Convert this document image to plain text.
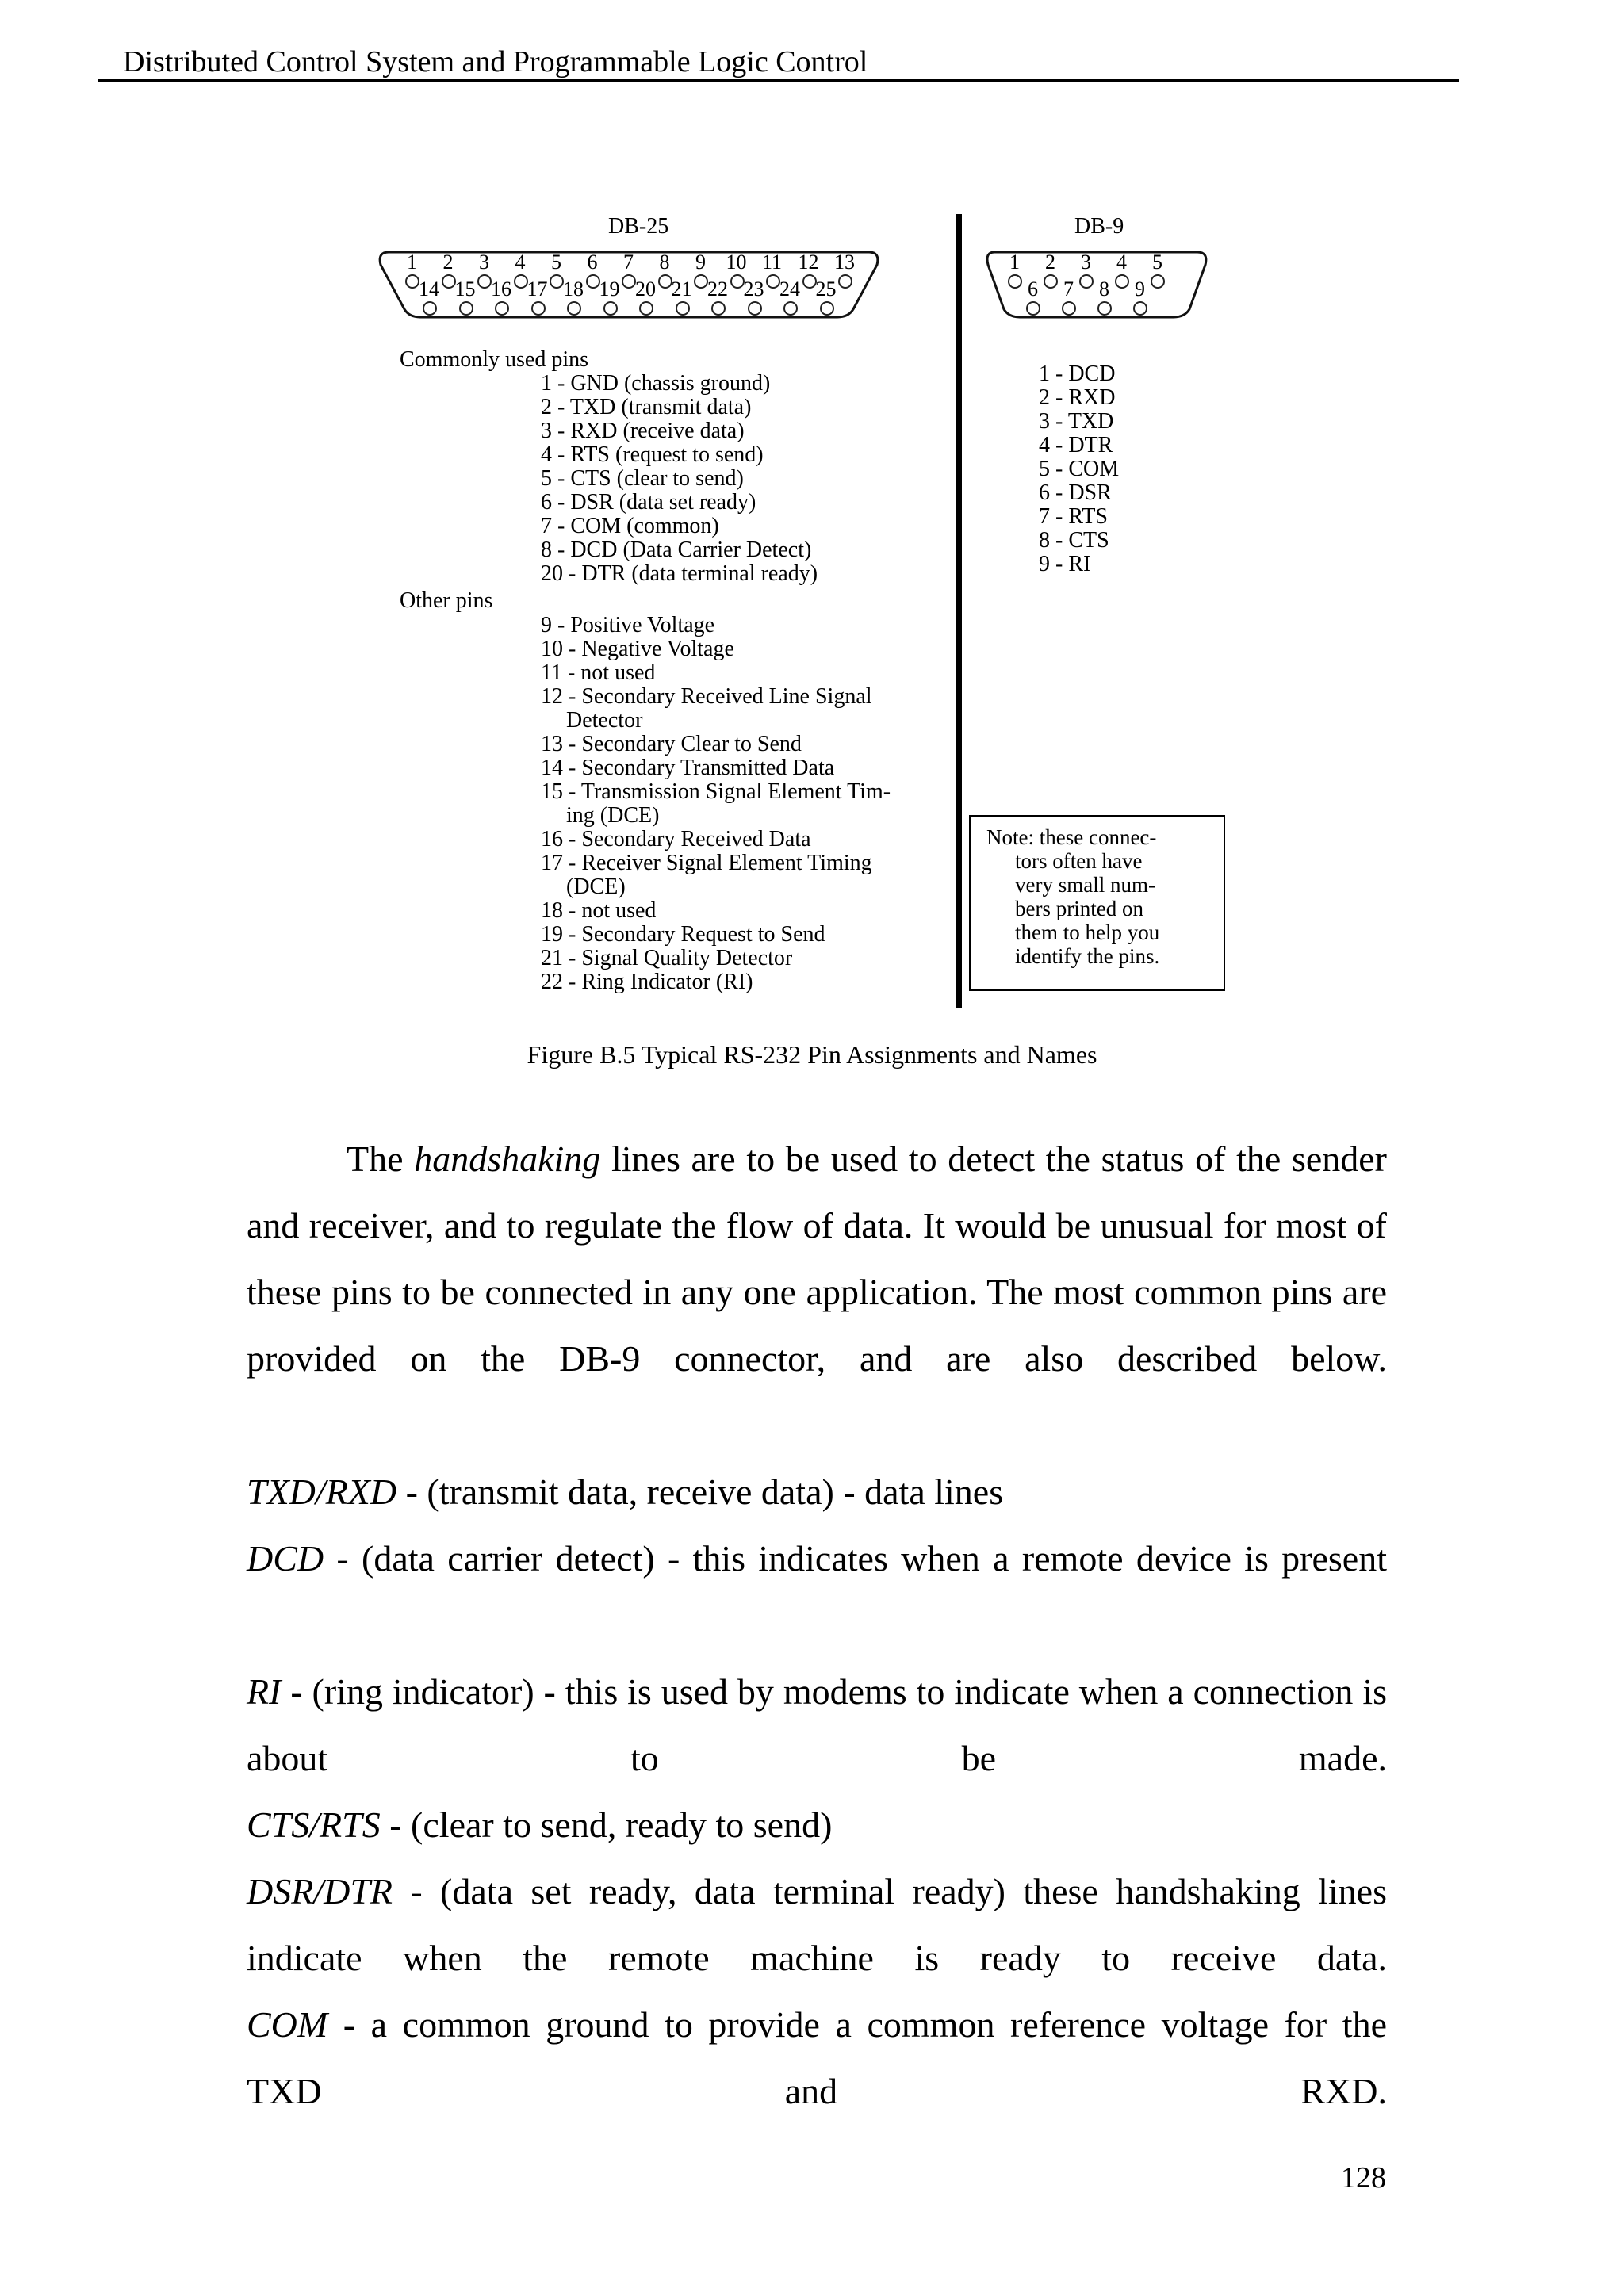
Distributed Control System and Programmable Logic Control
DB-25
Commonly used pins
1 - GND (chassis ground)
2 - TXD (transmit data)
3 - RXD (receive data)
4 - RTS (request to send)
5 - CTS (clear to send)
6 - DSR (data set ready)
7 - COM (common)
8 - DCD (Data Carrier Detect)
20 - DTR (data terminal ready)
Other pins
9 - Positive Voltage
10 - Negative Voltage
11 - not used
12 - Secondary Received Line Signal
Detector
13 - Secondary Clear to Send
14 - Secondary Transmitted Data
15 - Transmission Signal Element Tim-
ing (DCE)
16 - Secondary Received Data
17 - Receiver Signal Element Timing
(DCE)
18 - not used
19 - Secondary Request to Send
21 - Signal Quality Detector
22 - Ring Indicator (RI)
DB-9
1 - DCD
2 - RXD
3 - TXD
4 - DTR
5 - COM
6 - DSR
7 - RTS
8 - CTS
9 - RI
Note: these connec-
tors often have
very small num-
bers printed on
them to help you
identify the pins.
1 2 3 4 5 6 7 8 9 10 11 12 13
14 15 16 17 18 19 20 21 22 23 24 25
1 2 3 4 5
6 7 8 9
Figure B.5 Typical RS-232 Pin Assignments and Names

The handshaking lines are to be used to detect the status of the sender and receiver, and to regulate the flow of data. It would be unusual for most of these pins to be connected in any one application. The most common pins are provided on the DB-9 connector, and are also described below.

TXD/RXD - (transmit data, receive data) - data lines

DCD - (data carrier detect) - this indicates when a remote device is present

RI - (ring indicator) - this is used by modems to indicate when a connection is about to be made.

CTS/RTS - (clear to send, ready to send)

DSR/DTR - (data set ready, data terminal ready) these handshaking lines indicate when the remote machine is ready to receive data.

COM - a common ground to provide a common reference voltage for the TXD and RXD.

128
